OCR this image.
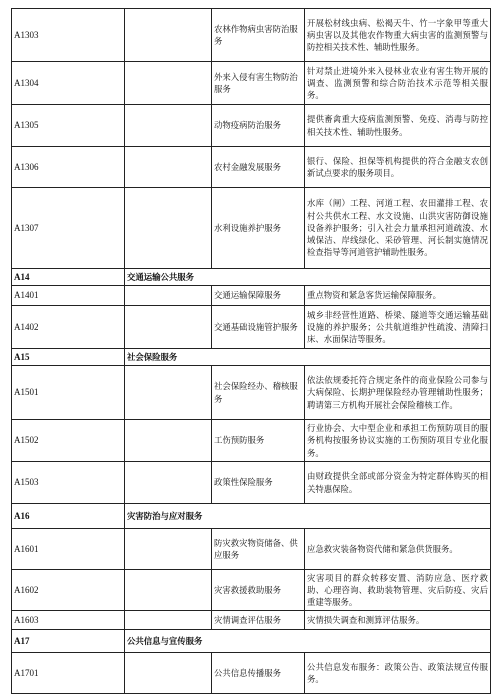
A1303		农林作物病虫害防治服务	开展松材线虫病、松褐天牛、竹一字象甲等重大病虫害以及其他农作物重大病虫害的监测预警与防控相关技术性、辅助性服务。
A1304		外来入侵有害生物防治服务	针对禁止进境外来入侵林业农业有害生物开展的调查、监测预警和综合防治技术示范等相关服务。
A1305		动物疫病防治服务	提供畜禽重大疫病监测预警、免疫、消毒与防控相关技术性、辅助性服务。
A1306		农村金融发展服务	银行、保险、担保等机构提供的符合金融支农创新试点要求的服务项目。
A1307		水利设施养护服务	水库（闸）工程、河道工程、农田灌排工程、农村公共供水工程、水文设施、山洪灾害防御设施设备养护服务；引入社会力量承担河道疏浚、水域保洁、岸线绿化、采砂管理、河长制实施情况检查指导等河道管护辅助性服务。
A14	交通运输公共服务		
A1401		交通运输保障服务	重点物资和紧急客货运输保障服务。
A1402		交通基础设施管护服务	城乡非经营性道路、桥梁、隧道等交通运输基础设施的养护服务；公共航道维护性疏浚、清障扫床、水面保洁等服务。
A15	社会保险服务		
A1501		社会保险经办、稽核服务	依法依规委托符合规定条件的商业保险公司参与大病保险、长期护理保险经办管理辅助性服务；聘请第三方机构开展社会保险稽核工作。
A1502		工伤预防服务	行业协会、大中型企业和承担工伤预防项目的服务机构按服务协议实施的工伤预防项目专业化服务。
A1503		政策性保险服务	由财政提供全部或部分资金为特定群体购买的相关特惠保险。
A16	灾害防治与应对服务		
A1601		防灾救灾物资储备、供应服务	应急救灾装备物资代储和紧急供货服务。
A1602		灾害救援救助服务	灾害项目的群众转移安置、消防应急、医疗救助、心理咨询、救助装物管理、灾后防疫、灾后重建等服务。
A1603		灾情调查评估服务	灾情损失调查和测算评估服务。
A17	公共信息与宣传服务		
A1701		公共信息传播服务	公共信息发布服务：政策公告、政策法规宣传服务。
